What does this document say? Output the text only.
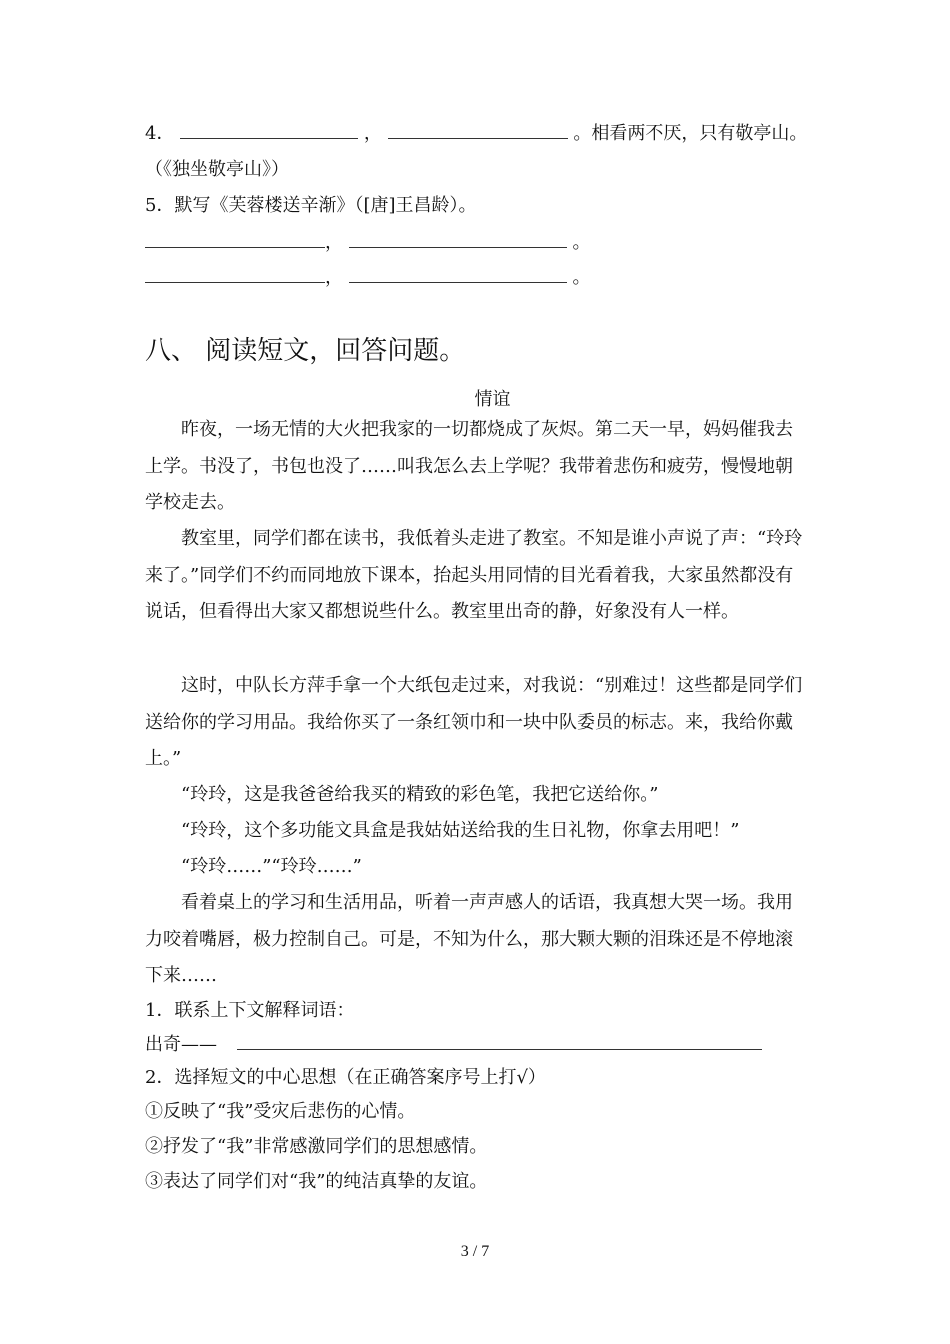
4．	，	。相看两不厌，只有敬亭山。
（《独坐敬亭山》）
5．默写《芙蓉楼送辛渐》（[唐]王昌龄）。
，	。
，	。
八、 阅读短文，回答问题。
情谊
昨夜，一场无情的大火把我家的一切都烧成了灰烬。第二天一早，妈妈催我去上学。书没了，书包也没了……叫我怎么去上学呢？我带着悲伤和疲劳，慢慢地朝学校走去。
教室里，同学们都在读书，我低着头走进了教室。不知是谁小声说了声：“玲玲来了。”同学们不约而同地放下课本，抬起头用同情的目光看着我，大家虽然都没有说话，但看得出大家又都想说些什么。教室里出奇的静，好象没有人一样。
这时，中队长方萍手拿一个大纸包走过来，对我说：“别难过！这些都是同学们送给你的学习用品。我给你买了一条红领巾和一块中队委员的标志。来，我给你戴上。”
“玲玲，这是我爸爸给我买的精致的彩色笔，我把它送给你。”
“玲玲，这个多功能文具盒是我姑姑送给我的生日礼物，你拿去用吧！”
“玲玲……”“玲玲……”
看着桌上的学习和生活用品，听着一声声感人的话语，我真想大哭一场。我用力咬着嘴唇，极力控制自己。可是，不知为什么，那大颗大颗的泪珠还是不停地滚下来……
1．联系上下文解释词语：
出奇——
2．选择短文的中心思想（在正确答案序号上打√）
①反映了“我”受灾后悲伤的心情。
②抒发了“我”非常感激同学们的思想感情。
③表达了同学们对“我”的纯洁真挚的友谊。
3 / 7
